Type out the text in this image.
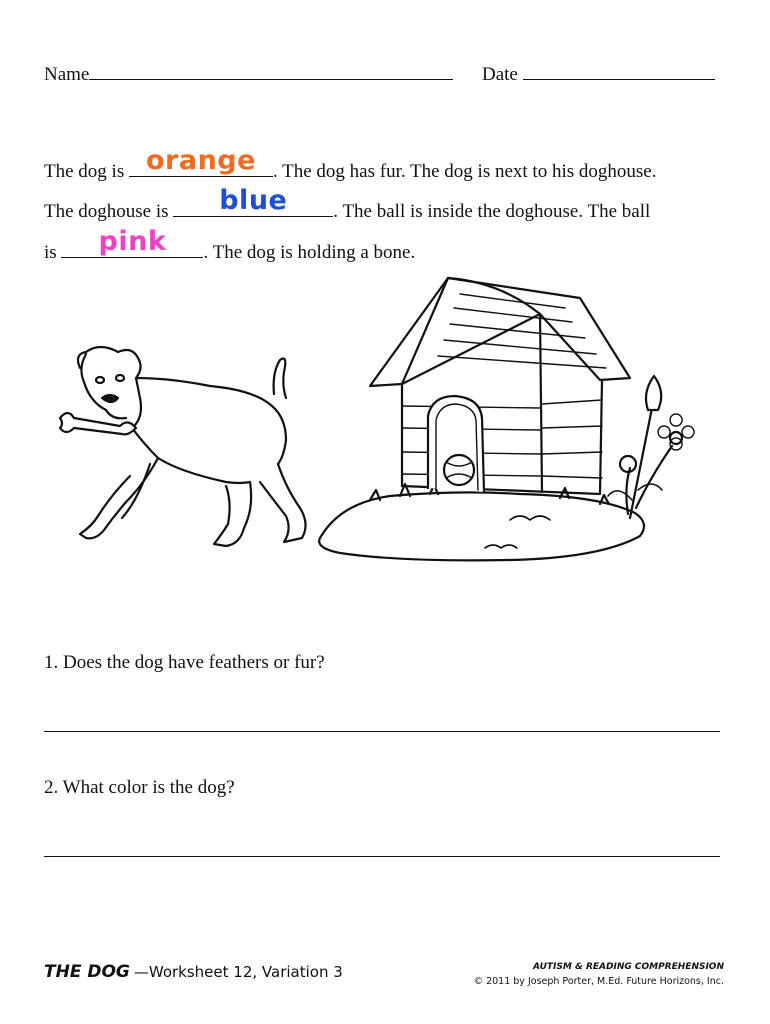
Name	Date
The dog is orange . The dog has fur. The dog is next to his doghouse.
The doghouse is	blue	. The ball is inside the doghouse. The ball
is	pink	. The dog is holding a bone.
1. Does the dog have feathers or fur?
2. What color is the dog?
THE DOG —Worksheet 12, Variation 3	AUTISM & READING COMPREHENSION
© 2011 by Joseph Porter, M.Ed. Future Horizons, Inc.
